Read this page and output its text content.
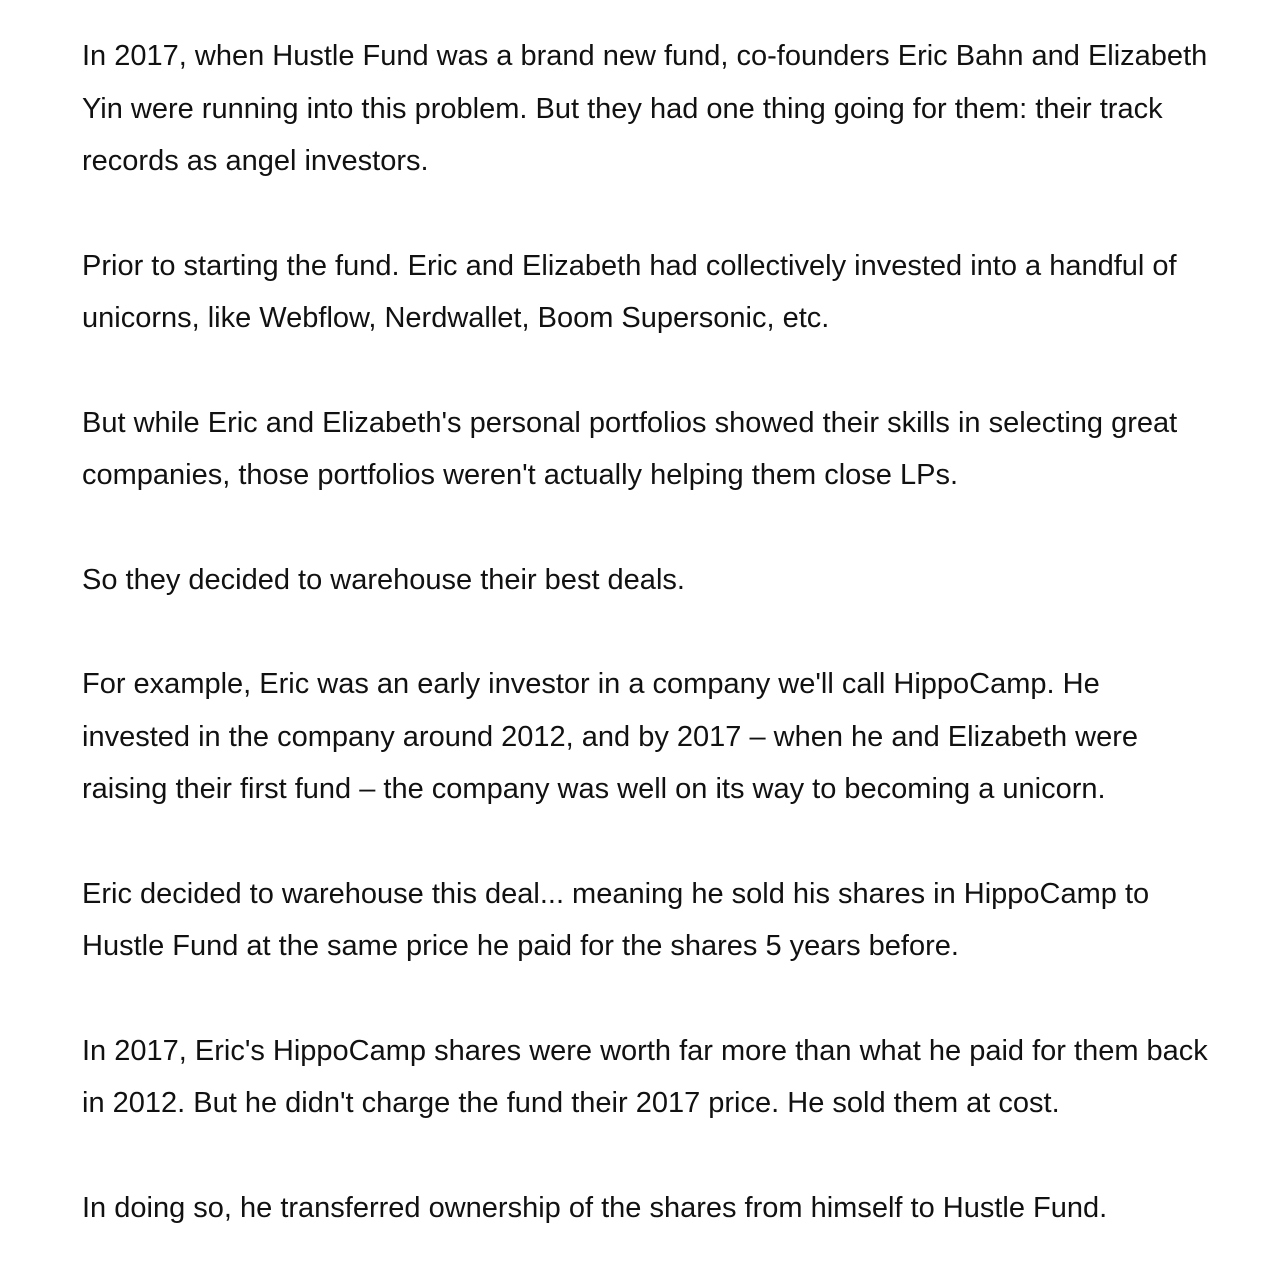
In 2017, when Hustle Fund was a brand new fund, co-founders Eric Bahn and Elizabeth Yin were running into this problem. But they had one thing going for them: their track records as angel investors.

Prior to starting the fund. Eric and Elizabeth had collectively invested into a handful of unicorns, like Webflow, Nerdwallet, Boom Supersonic, etc.

But while Eric and Elizabeth's personal portfolios showed their skills in selecting great companies, those portfolios weren't actually helping them close LPs.

So they decided to warehouse their best deals.

For example, Eric was an early investor in a company we'll call HippoCamp. He invested in the company around 2012, and by 2017 – when he and Elizabeth were raising their first fund – the company was well on its way to becoming a unicorn.

Eric decided to warehouse this deal... meaning he sold his shares in HippoCamp to Hustle Fund at the same price he paid for the shares 5 years before.

In 2017, Eric's HippoCamp shares were worth far more than what he paid for them back in 2012. But he didn't charge the fund their 2017 price. He sold them at cost.

In doing so, he transferred ownership of the shares from himself to Hustle Fund.
